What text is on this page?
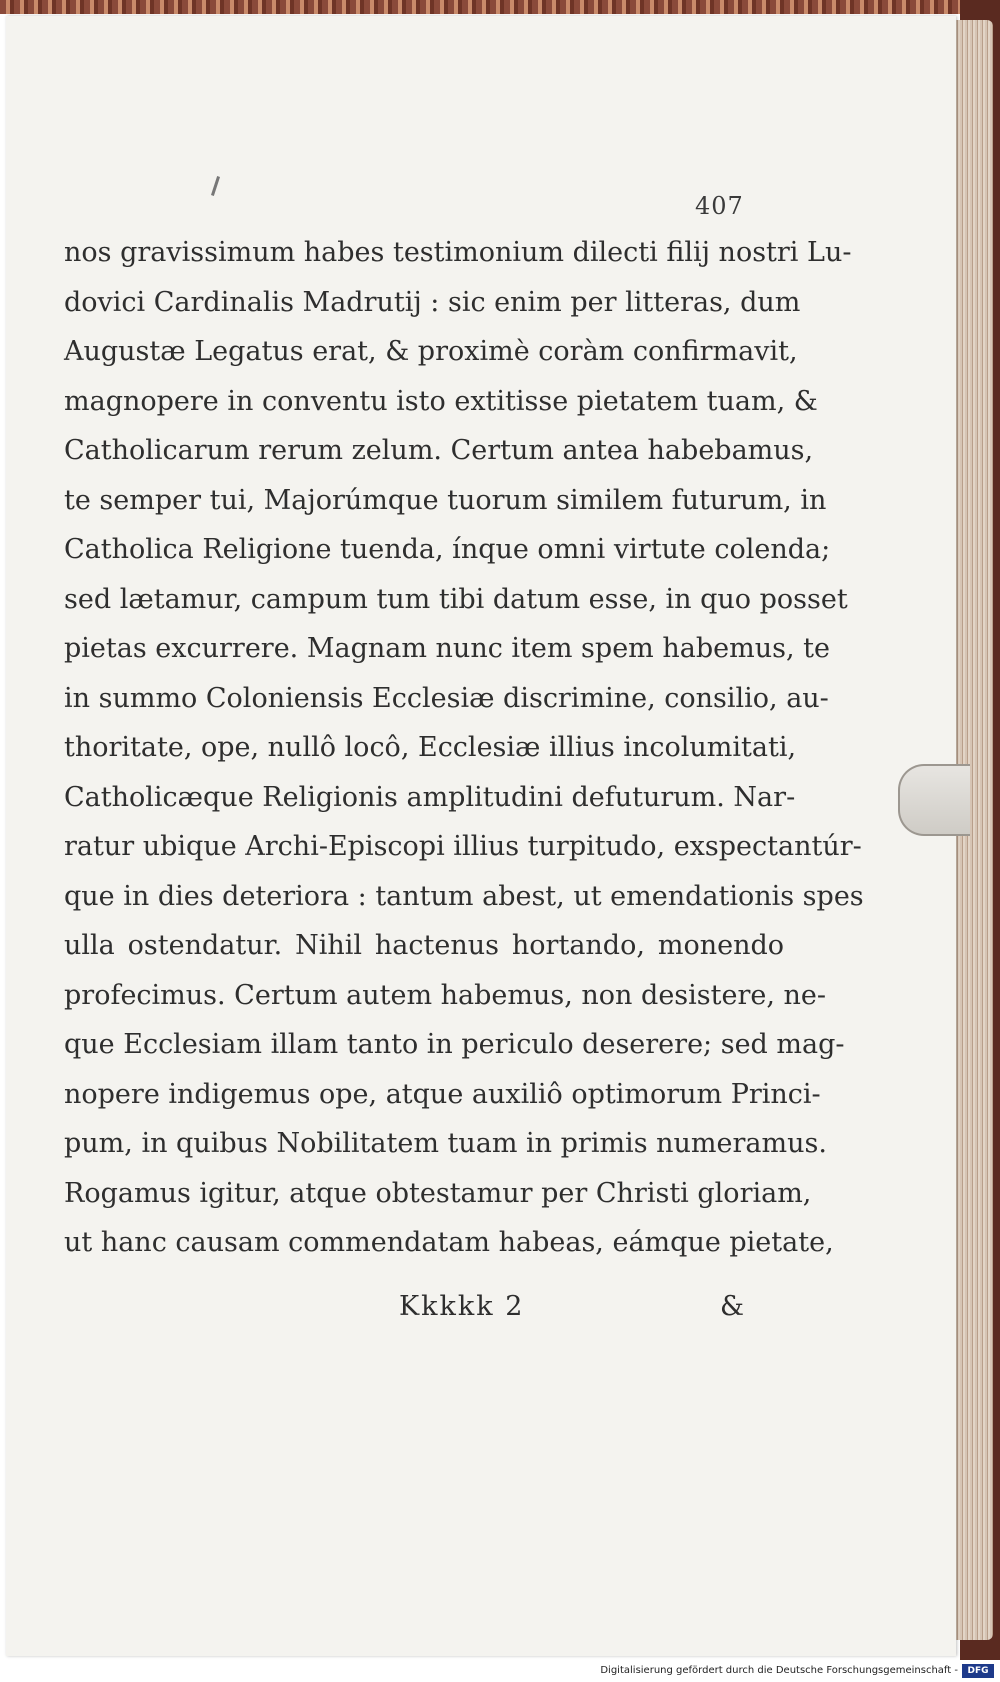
407
nos gravissimum habes testimonium dilecti filij nostri Lu-
dovici Cardinalis Madrutij : sic enim per litteras, dum
Augustæ Legatus erat, & proximè coràm confirmavit,
magnopere in conventu isto extitisse pietatem tuam, &
Catholicarum rerum zelum. Certum antea habebamus,
te semper tui, Majorúmque tuorum similem futurum, in
Catholica Religione tuenda, ínque omni virtute colenda;
sed lætamur, campum tum tibi datum esse, in quo posset
pietas excurrere. Magnam nunc item spem habemus, te
in summo Coloniensis Ecclesiæ discrimine, consilio, au-
thoritate, ope, nullô locô, Ecclesiæ illius incolumitati,
Catholicæque Religionis amplitudini defuturum. Nar-
ratur ubique Archi-Episcopi illius turpitudo, exspectantúr-
que in dies deteriora : tantum abest, ut emendationis spes
ulla ostendatur. Nihil hactenus hortando, monendo
profecimus. Certum autem habemus, non desistere, ne-
que Ecclesiam illam tanto in periculo deserere; sed mag-
nopere indigemus ope, atque auxiliô optimorum Princi-
pum, in quibus Nobilitatem tuam in primis numeramus.
Rogamus igitur, atque obtestamur per Christi gloriam,
ut hanc causam commendatam habeas, eámque pietate,
Kkkkk 2	&
Digitalisierung gefördert durch die Deutsche Forschungsgemeinschaft -	DFG
